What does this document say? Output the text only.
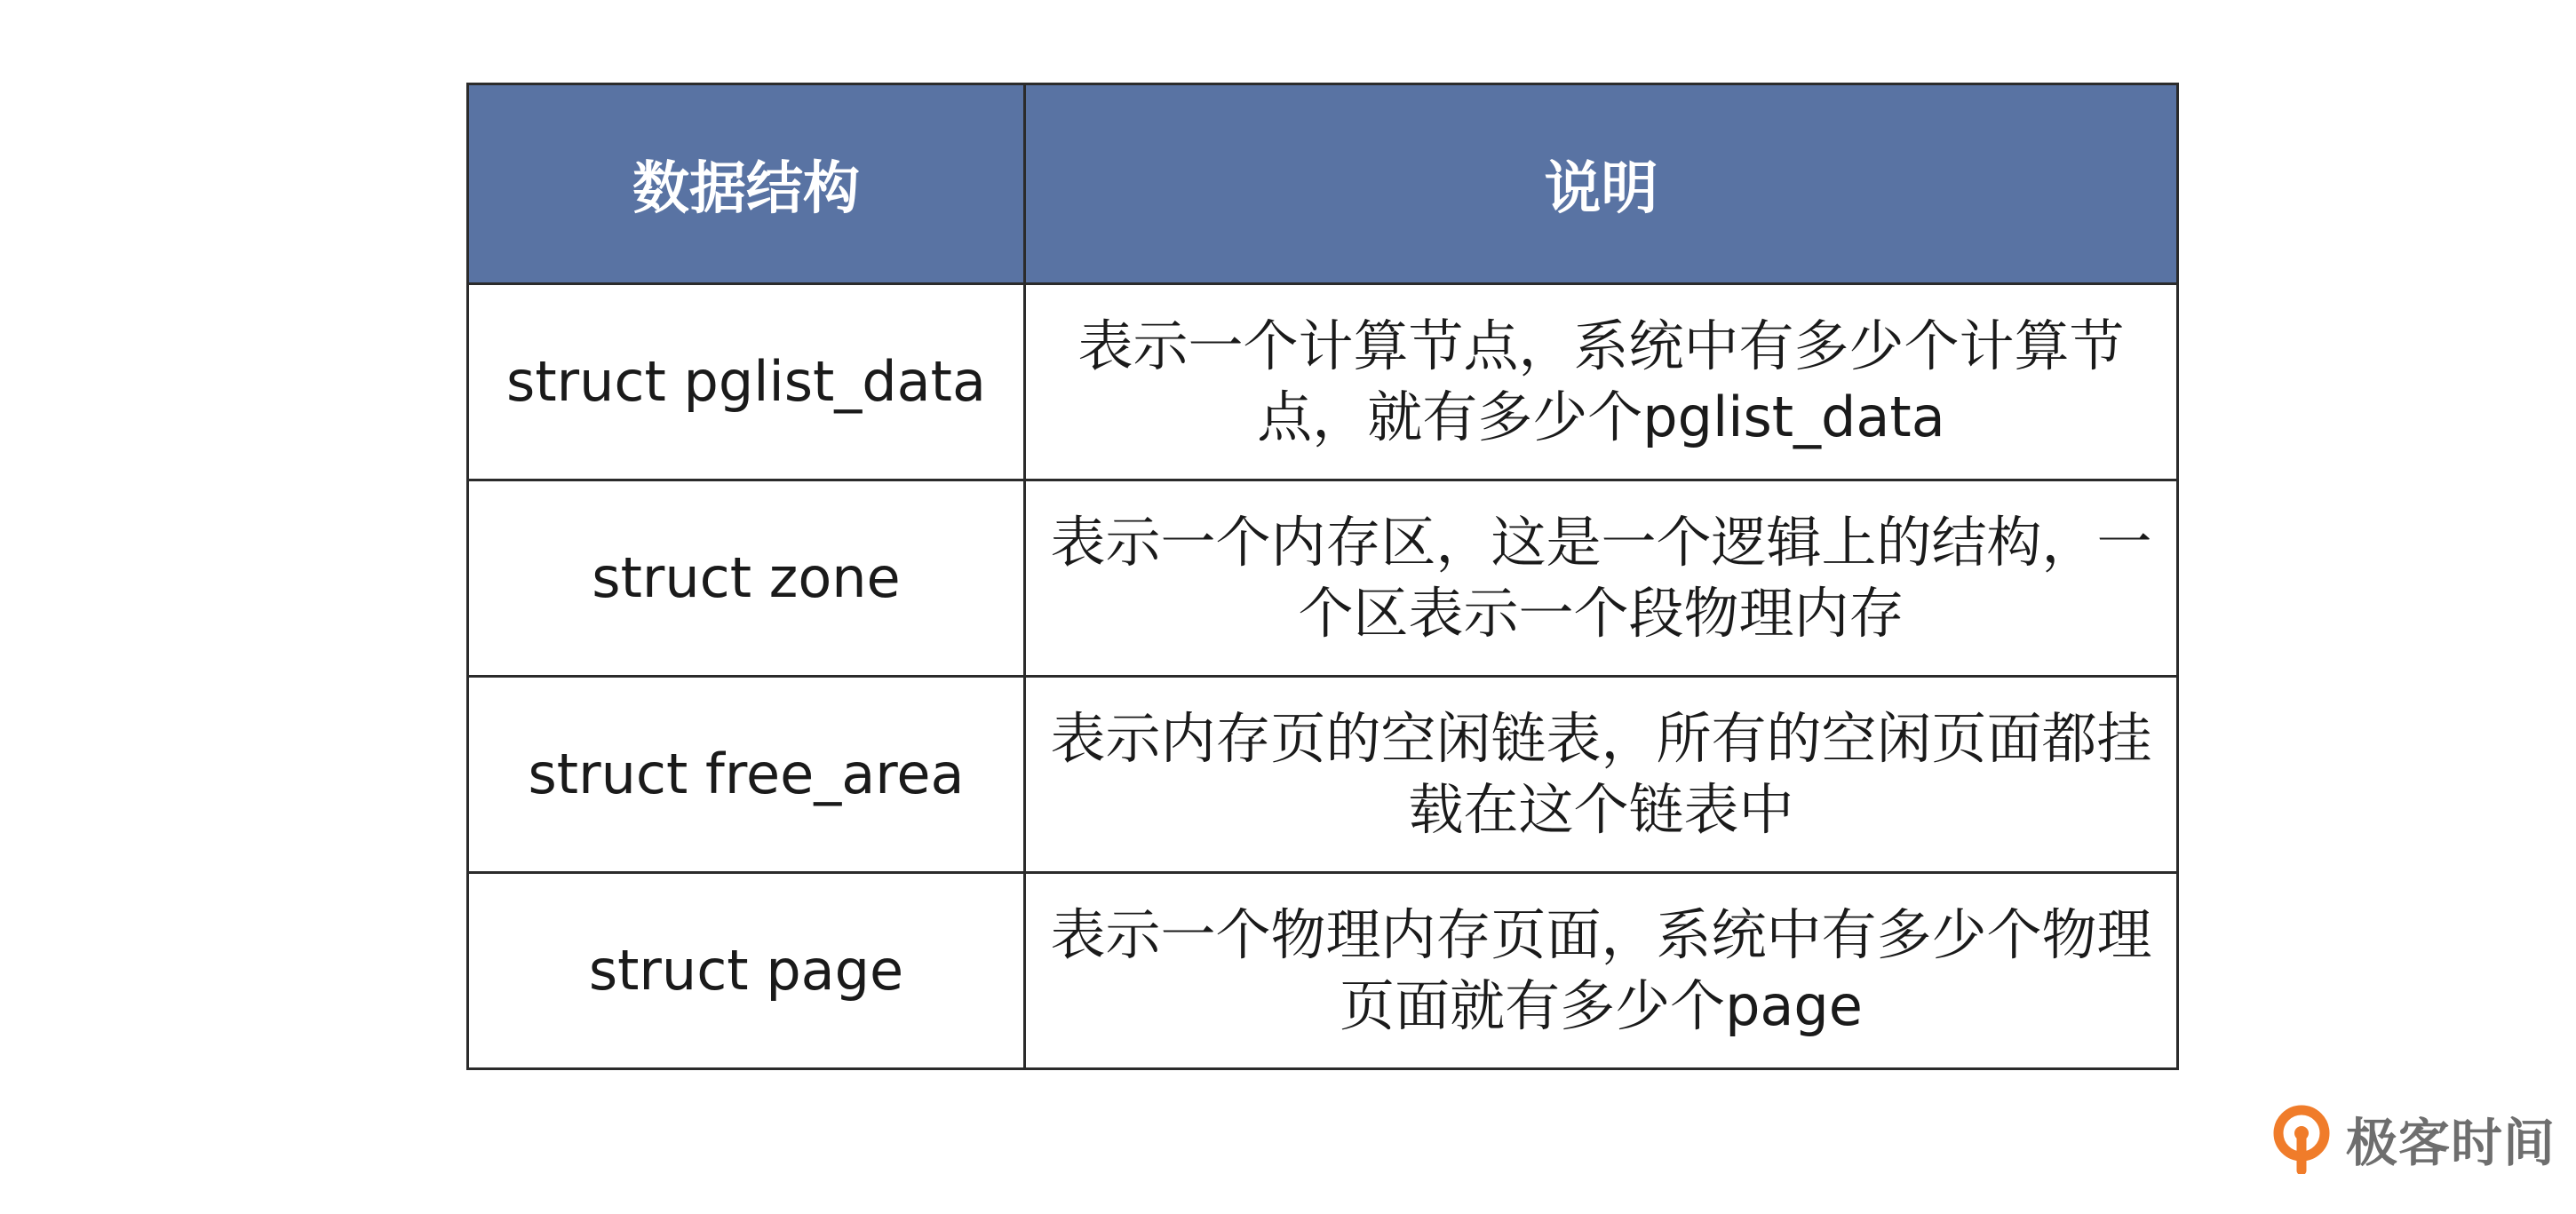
数据结构	说明
struct pglist_data	表示一个计算节点，系统中有多少个计算节点，就有多少个pglist_data
struct zone	表示一个内存区，这是一个逻辑上的结构，一个区表示一个段物理内存
struct free_area	表示内存页的空闲链表，所有的空闲页面都挂载在这个链表中
struct page	表示一个物理内存页面，系统中有多少个物理页面就有多少个page
极客时间
